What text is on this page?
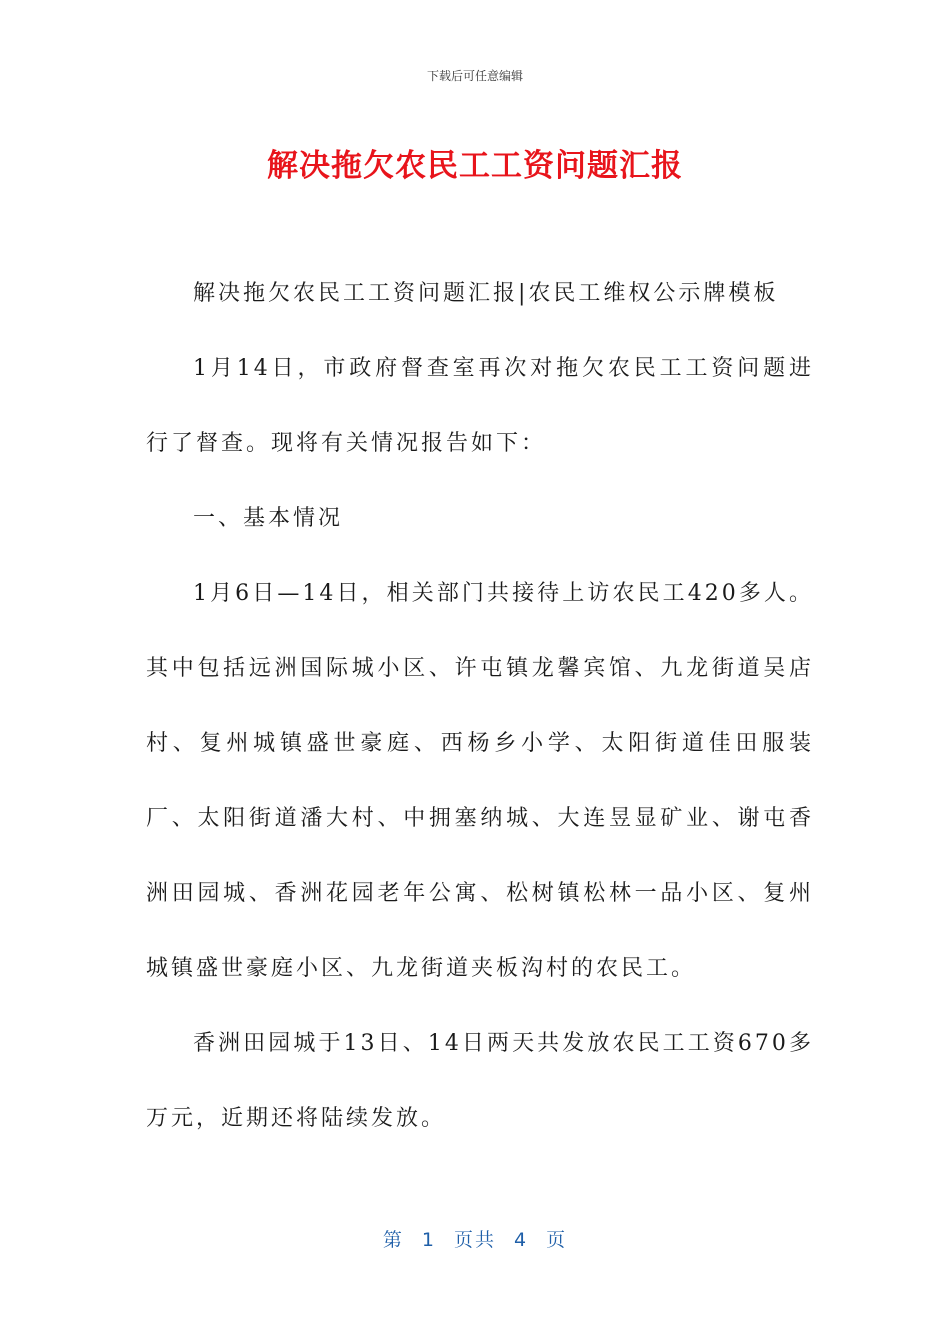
下载后可任意编辑
解决拖欠农民工工资问题汇报

解决拖欠农民工工资问题汇报|农民工维权公示牌模板

1月14日，市政府督查室再次对拖欠农民工工资问题进行了督查。现将有关情况报告如下：

一、基本情况

1月6日—14日，相关部门共接待上访农民工420多人。其中包括远洲国际城小区、许屯镇龙馨宾馆、九龙街道吴店村、复州城镇盛世豪庭、西杨乡小学、太阳街道佳田服装厂、太阳街道潘大村、中拥塞纳城、大连昱显矿业、谢屯香洲田园城、香洲花园老年公寓、松树镇松林一品小区、复州城镇盛世豪庭小区、九龙街道夹板沟村的农民工。

香洲田园城于13日、14日两天共发放农民工工资670多万元，近期还将陆续发放。

第 1 页共 4 页
